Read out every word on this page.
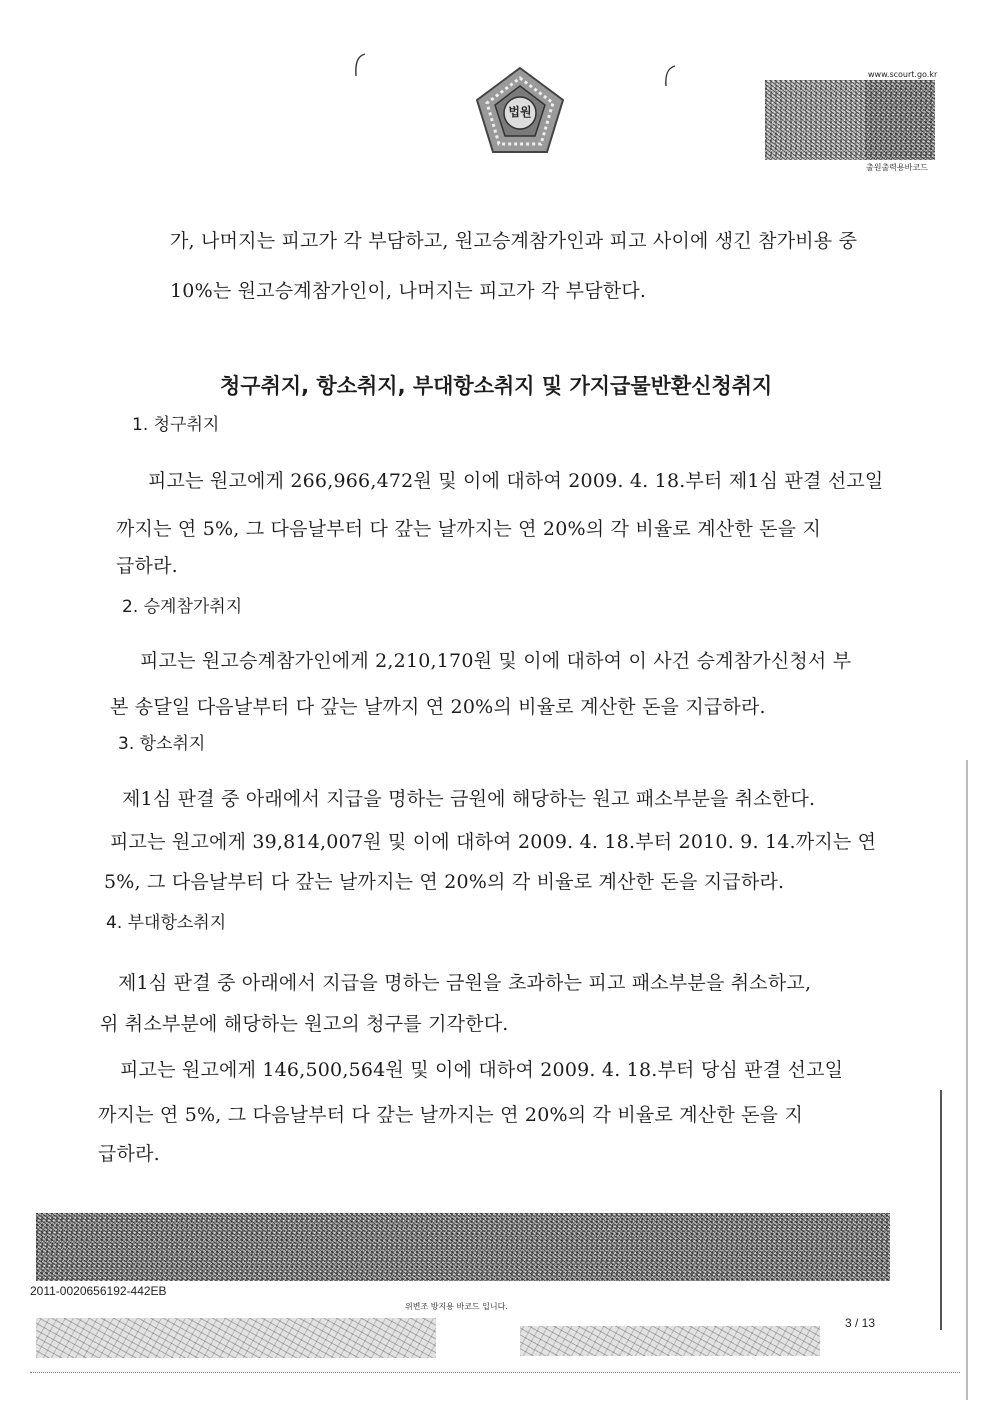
법원
www.scourt.go.kr
출원출력용바코드
가, 나머지는 피고가 각 부담하고, 원고승계참가인과 피고 사이에 생긴 참가비용 중
10%는 원고승계참가인이, 나머지는 피고가 각 부담한다.
청구취지, 항소취지, 부대항소취지 및 가지급물반환신청취지
1. 청구취지
피고는 원고에게 266,966,472원 및 이에 대하여 2009. 4. 18.부터 제1심 판결 선고일
까지는 연 5%, 그 다음날부터 다 갚는 날까지는 연 20%의 각 비율로 계산한 돈을 지
급하라.
2. 승계참가취지
피고는 원고승계참가인에게 2,210,170원 및 이에 대하여 이 사건 승계참가신청서 부
본 송달일 다음날부터 다 갚는 날까지 연 20%의 비율로 계산한 돈을 지급하라.
3. 항소취지
제1심 판결 중 아래에서 지급을 명하는 금원에 해당하는 원고 패소부분을 취소한다.
피고는 원고에게 39,814,007원 및 이에 대하여 2009. 4. 18.부터 2010. 9. 14.까지는 연
5%, 그 다음날부터 다 갚는 날까지는 연 20%의 각 비율로 계산한 돈을 지급하라.
4. 부대항소취지
제1심 판결 중 아래에서 지급을 명하는 금원을 초과하는 피고 패소부분을 취소하고,
위 취소부분에 해당하는 원고의 청구를 기각한다.
피고는 원고에게 146,500,564원 및 이에 대하여 2009. 4. 18.부터 당심 판결 선고일
까지는 연 5%, 그 다음날부터 다 갚는 날까지는 연 20%의 각 비율로 계산한 돈을 지
급하라.
2011-0020656192-442EB
위변조 방지용 바코드 입니다.
3 / 13
